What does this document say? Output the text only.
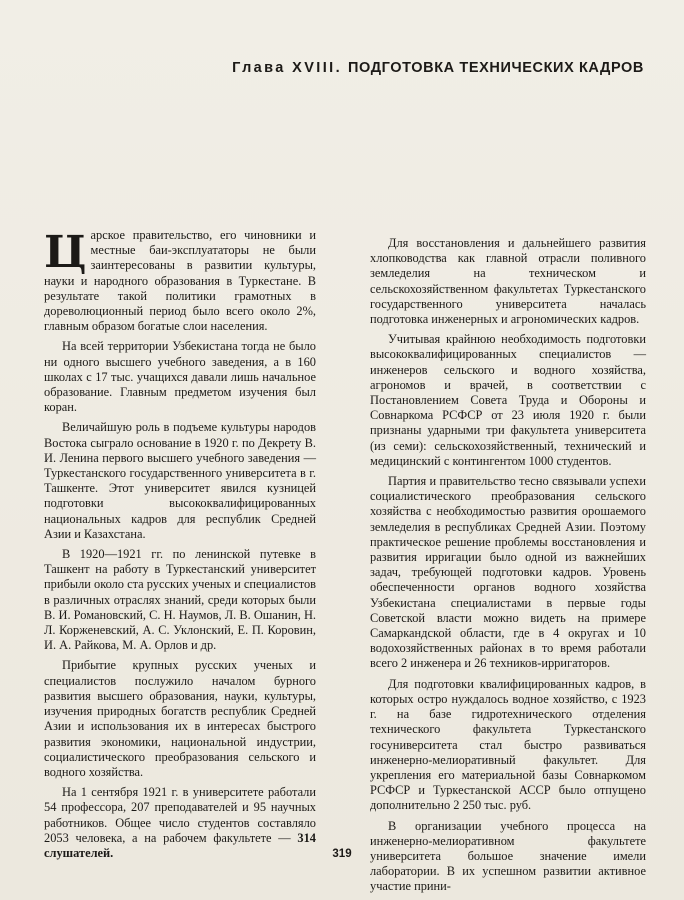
Глава XVIII. ПОДГОТОВКА ТЕХНИЧЕСКИХ КАДРОВ

Царское правительство, его чиновники и местные баи-эксплуататоры не были заинтересованы в развитии культуры, науки и народного образования в Туркестане. В результате такой политики грамотных в дореволюционный период было всего около 2%, главным образом богатые слои населения.

На всей территории Узбекистана тогда не было ни одного высшего учебного заведения, а в 160 школах с 17 тыс. учащихся давали лишь начальное образование. Главным предметом изучения был коран.

Величайшую роль в подъеме культуры народов Востока сыграло основание в 1920 г. по Декрету В. И. Ленина первого высшего учебного заведения — Туркестанского государственного университета в г. Ташкенте. Этот университет явился кузницей подготовки высококвалифицированных национальных кадров для республик Средней Азии и Казахстана.

В 1920—1921 гг. по ленинской путевке в Ташкент на работу в Туркестанский университет прибыли около ста русских ученых и специалистов в различных отраслях знаний, среди которых были В. И. Романовский, С. Н. Наумов, Л. В. Ошанин, Н. Л. Корженевский, А. С. Уклонский, Е. П. Коровин, И. А. Райкова, М. А. Орлов и др.

Прибытие крупных русских ученых и специалистов послужило началом бурного развития высшего образования, науки, культуры, изучения природных богатств республик Средней Азии и использования их в интересах быстрого развития экономики, национальной индустрии, социалистического преобразования сельского и водного хозяйства.

На 1 сентября 1921 г. в университете работали 54 профессора, 207 преподавателей и 95 научных работников. Общее число студентов составляло 2053 человека, а на рабочем факультете — 314 слушателей.

Для восстановления и дальнейшего развития хлопководства как главной отрасли поливного земледелия на техническом и сельскохозяйственном факультетах Туркестанского государственного университета началась подготовка инженерных и агрономических кадров.

Учитывая крайнюю необходимость подготовки высококвалифицированных специалистов — инженеров сельского и водного хозяйства, агрономов и врачей, в соответствии с Постановлением Совета Труда и Обороны и Совнаркома РСФСР от 23 июля 1920 г. были признаны ударными три факультета университета (из семи): сельскохозяйственный, технический и медицинский с контингентом 1000 студентов.

Партия и правительство тесно связывали успехи социалистического преобразования сельского хозяйства с необходимостью развития орошаемого земледелия в республиках Средней Азии. Поэтому практическое решение проблемы восстановления и развития ирригации было одной из важнейших задач, требующей подготовки кадров. Уровень обеспеченности органов водного хозяйства Узбекистана специалистами в первые годы Советской власти можно видеть на примере Самаркандской области, где в 4 округах и 10 водохозяйственных районах в то время работали всего 2 инженера и 26 техников-ирригаторов.

Для подготовки квалифицированных кадров, в которых остро нуждалось водное хозяйство, с 1923 г. на базе гидротехнического отделения технического факультета Туркестанского госуниверситета стал быстро развиваться инженерно-мелиоративный факультет. Для укрепления его материальной базы Совнаркомом РСФСР и Туркестанской АССР было отпущено дополнительно 2 250 тыс. руб.

В организации учебного процесса на инженерно-мелиоративном факультете университета большое значение имели лаборатории. В их успешном развитии активное участие прини-

319
